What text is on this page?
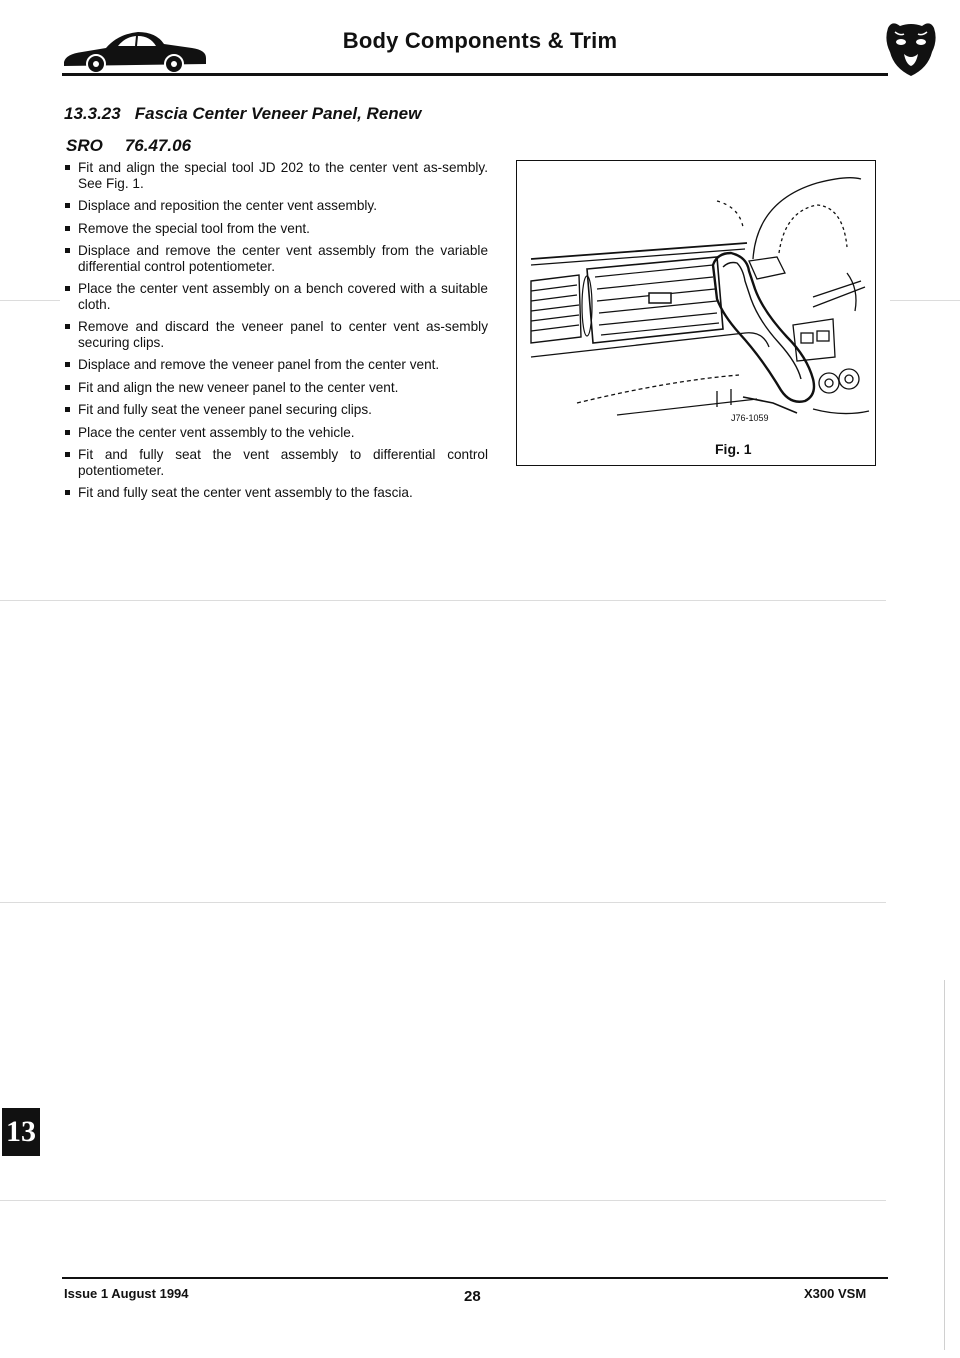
Body Components & Trim
13.3.23 Fascia Center Veneer Panel, Renew
SRO 76.47.06
Fit and align the special tool JD 202 to the center vent as-sembly. See Fig. 1.
Displace and reposition the center vent assembly.
Remove the special tool from the vent.
Displace and remove the center vent assembly from the variable differential control potentiometer.
Place the center vent assembly on a bench covered with a suitable cloth.
Remove and discard the veneer panel to center vent as-sembly securing clips.
Displace and remove the veneer panel from the center vent.
Fit and align the new veneer panel to the center vent.
Fit and fully seat the veneer panel securing clips.
Place the center vent assembly to the vehicle.
Fit and fully seat the vent assembly to differential control potentiometer.
Fit and fully seat the center vent assembly to the fascia.
J76-1059
Fig. 1
13
Issue 1 August 1994	28	X300 VSM
